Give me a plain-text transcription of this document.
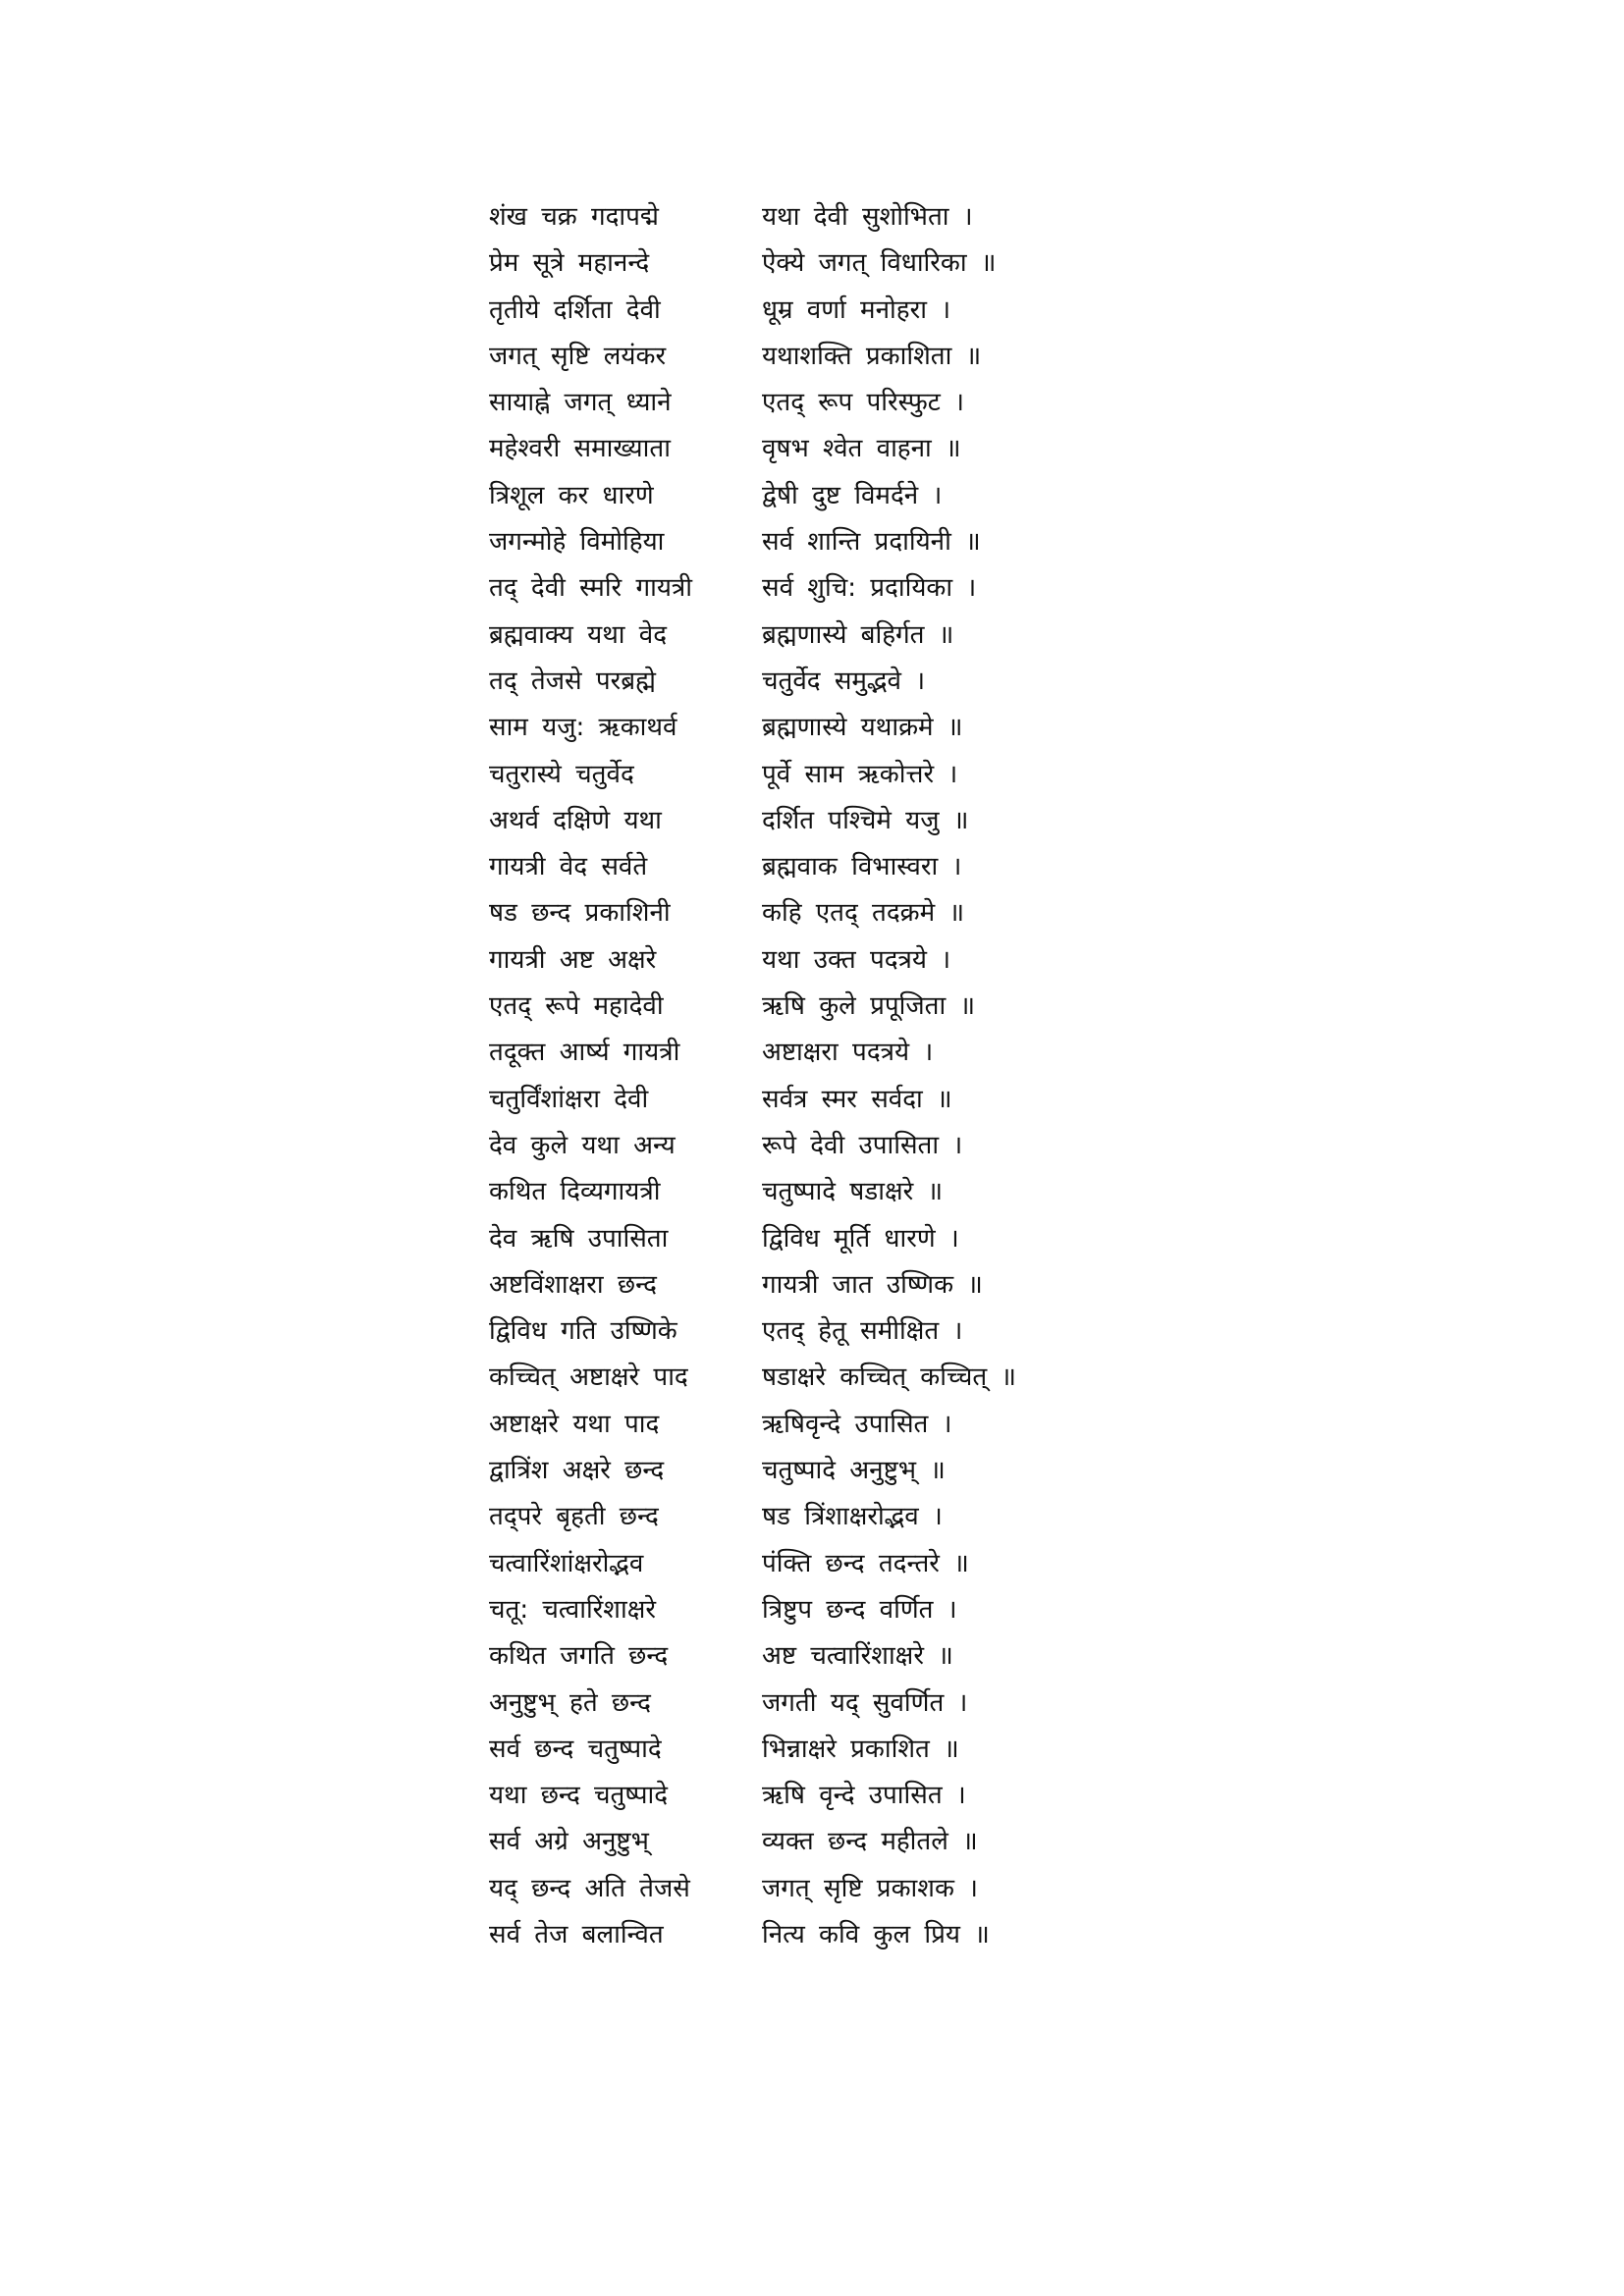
शंख चक्र गदापद्मे	यथा देवी सुशोभिता ।
प्रेम सूत्रे महानन्दे	ऐक्ये जगत् विधारिका ॥
तृतीये दर्शिता देवी	धूम्र वर्णा मनोहरा ।
जगत् सृष्टि लयंकर	यथाशक्ति प्रकाशिता ॥
सायाह्ने जगत् ध्याने	एतद् रूप परिस्फुट ।
महेश्वरी समाख्याता	वृषभ श्वेत वाहना ॥
त्रिशूल कर धारणे	द्वेषी दुष्ट विमर्दने ।
जगन्मोहे विमोहिया	सर्व शान्ति प्रदायिनी ॥
तद् देवी स्मरि गायत्री	सर्व शुचि: प्रदायिका ।
ब्रह्मवाक्य यथा वेद	ब्रह्मणास्ये बहिर्गत ॥
तद् तेजसे परब्रह्मे	चतुर्वेद समुद्भवे ।
साम यजु: ऋकाथर्व	ब्रह्मणास्ये यथाक्रमे ॥
चतुरास्ये चतुर्वेद	पूर्वे साम ऋकोत्तरे ।
अथर्व दक्षिणे यथा	दर्शित पश्चिमे यजु ॥
गायत्री वेद सर्वते	ब्रह्मवाक विभास्वरा ।
षड छन्द प्रकाशिनी	कहि एतद् तदक्रमे ॥
गायत्री अष्ट अक्षरे	यथा उक्त पदत्रये ।
एतद् रूपे महादेवी	ऋषि कुले प्रपूजिता ॥
तदूक्त आर्ष्य गायत्री	अष्टाक्षरा पदत्रये ।
चतुर्विंशांक्षरा देवी	सर्वत्र स्मर सर्वदा ॥
देव कुले यथा अन्य	रूपे देवी उपासिता ।
कथित दिव्यगायत्री	चतुष्पादे षडाक्षरे ॥
देव ऋषि उपासिता	द्विविध मूर्ति धारणे ।
अष्टविंशाक्षरा छन्द	गायत्री जात उष्णिक ॥
द्विविध गति उष्णिके	एतद् हेतू समीक्षित ।
कच्चित् अष्टाक्षरे पाद	षडाक्षरे कच्चित् कच्चित् ॥
अष्टाक्षरे यथा पाद	ऋषिवृन्दे उपासित ।
द्वात्रिंश अक्षरे छन्द	चतुष्पादे अनुष्टुभ् ॥
तद्परे बृहती छन्द	षड त्रिंशाक्षरोद्भव ।
चत्वारिंशांक्षरोद्भव	पंक्ति छन्द तदन्तरे ॥
चतू: चत्वारिंशाक्षरे	त्रिष्टुप छन्द वर्णित ।
कथित जगति छन्द	अष्ट चत्वारिंशाक्षरे ॥
अनुष्टुभ् हते छन्द	जगती यद् सुवर्णित ।
सर्व छन्द चतुष्पादे	भिन्नाक्षरे प्रकाशित ॥
यथा छन्द चतुष्पादे	ऋषि वृन्दे उपासित ।
सर्व अग्रे अनुष्टुभ्	व्यक्त छन्द महीतले ॥
यद् छन्द अति तेजसे	जगत् सृष्टि प्रकाशक ।
सर्व तेज बलान्वित	नित्य कवि कुल प्रिय ॥
